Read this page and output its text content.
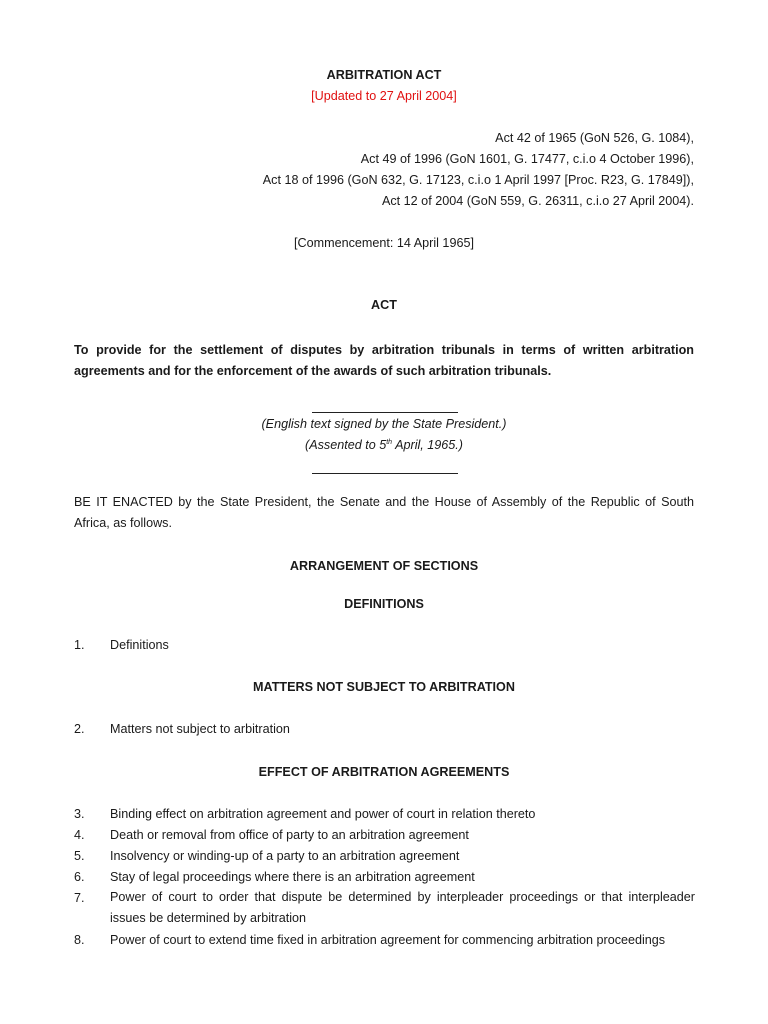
ARBITRATION ACT
[Updated to 27 April 2004]
Act 42 of 1965 (GoN 526, G. 1084),
Act 49 of 1996 (GoN 1601, G. 17477, c.i.o 4 October 1996),
Act 18 of 1996 (GoN 632, G. 17123, c.i.o 1 April 1997 [Proc. R23, G. 17849]),
Act 12 of 2004 (GoN 559, G. 26311, c.i.o 27 April 2004).
[Commencement: 14 April 1965]
ACT
To provide for the settlement of disputes by arbitration tribunals in terms of written arbitration agreements and for the enforcement of the awards of such arbitration tribunals.
(English text signed by the State President.)
(Assented to 5th April, 1965.)
BE IT ENACTED by the State President, the Senate and the House of Assembly of the Republic of South Africa, as follows.
ARRANGEMENT OF SECTIONS
DEFINITIONS
1. Definitions
MATTERS NOT SUBJECT TO ARBITRATION
2. Matters not subject to arbitration
EFFECT OF ARBITRATION AGREEMENTS
3. Binding effect on arbitration agreement and power of court in relation thereto
4. Death or removal from office of party to an arbitration agreement
5. Insolvency or winding-up of a party to an arbitration agreement
6. Stay of legal proceedings where there is an arbitration agreement
7. Power of court to order that dispute be determined by interpleader proceedings or that interpleader issues be determined by arbitration
8. Power of court to extend time fixed in arbitration agreement for commencing arbitration proceedings
